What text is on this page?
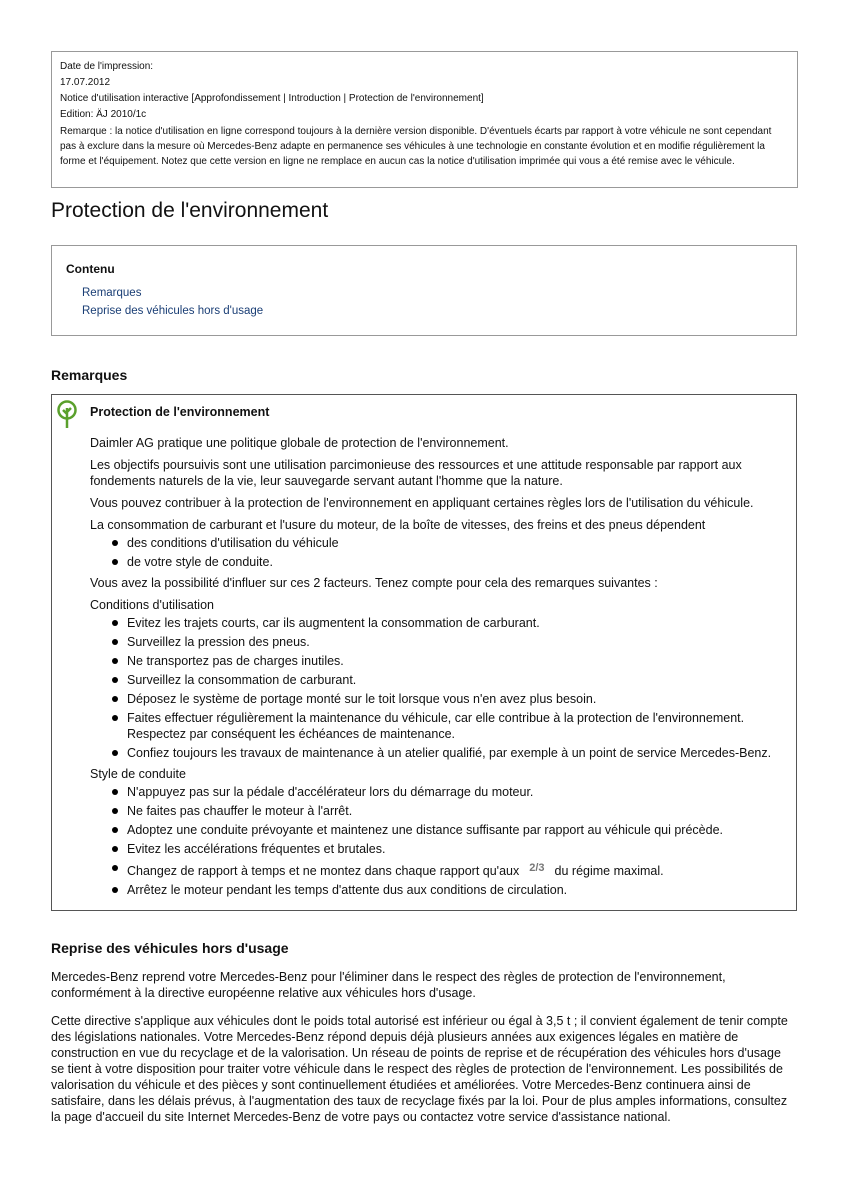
Date de l'impression:
17.07.2012
Notice d'utilisation interactive [Approfondissement | Introduction | Protection de l'environnement]
Edition: ÄJ 2010/1c
Remarque : la notice d'utilisation en ligne correspond toujours à la dernière version disponible. D'éventuels écarts par rapport à votre véhicule ne sont cependant pas à exclure dans la mesure où Mercedes-Benz adapte en permanence ses véhicules à une technologie en constante évolution et en modifie régulièrement la forme et l'équipement. Notez que cette version en ligne ne remplace en aucun cas la notice d'utilisation imprimée qui vous a été remise avec le véhicule.
Protection de l'environnement
Contenu
Remarques
Reprise des véhicules hors d'usage
Remarques
Protection de l'environnement

Daimler AG pratique une politique globale de protection de l'environnement.

Les objectifs poursuivis sont une utilisation parcimonieuse des ressources et une attitude responsable par rapport aux fondements naturels de la vie, leur sauvegarde servant autant l'homme que la nature.

Vous pouvez contribuer à la protection de l'environnement en appliquant certaines règles lors de l'utilisation du véhicule.

La consommation de carburant et l'usure du moteur, de la boîte de vitesses, des freins et des pneus dépendent

des conditions d'utilisation du véhicule
de votre style de conduite.

Vous avez la possibilité d'influer sur ces 2 facteurs. Tenez compte pour cela des remarques suivantes :

Conditions d'utilisation

Evitez les trajets courts, car ils augmentent la consommation de carburant.
Surveillez la pression des pneus.
Ne transportez pas de charges inutiles.
Surveillez la consommation de carburant.
Déposez le système de portage monté sur le toit lorsque vous n'en avez plus besoin.
Faites effectuer régulièrement la maintenance du véhicule, car elle contribue à la protection de l'environnement. Respectez par conséquent les échéances de maintenance.
Confiez toujours les travaux de maintenance à un atelier qualifié, par exemple à un point de service Mercedes-Benz.

Style de conduite

N'appuyez pas sur la pédale d'accélérateur lors du démarrage du moteur.
Ne faites pas chauffer le moteur à l'arrêt.
Adoptez une conduite prévoyante et maintenez une distance suffisante par rapport au véhicule qui précède.
Evitez les accélérations fréquentes et brutales.
Changez de rapport à temps et ne montez dans chaque rapport qu'aux 2/3 du régime maximal.
Arrêtez le moteur pendant les temps d'attente dus aux conditions de circulation.
Reprise des véhicules hors d'usage

Mercedes-Benz reprend votre Mercedes-Benz pour l'éliminer dans le respect des règles de protection de l'environnement, conformément à la directive européenne relative aux véhicules hors d'usage.

Cette directive s'applique aux véhicules dont le poids total autorisé est inférieur ou égal à 3,5 t ; il convient également de tenir compte des législations nationales. Votre Mercedes-Benz répond depuis déjà plusieurs années aux exigences légales en matière de construction en vue du recyclage et de la valorisation. Un réseau de points de reprise et de récupération des véhicules hors d'usage se tient à votre disposition pour traiter votre véhicule dans le respect des règles de protection de l'environnement. Les possibilités de valorisation du véhicule et des pièces y sont continuellement étudiées et améliorées. Votre Mercedes-Benz continuera ainsi de satisfaire, dans les délais prévus, à l'augmentation des taux de recyclage fixés par la loi. Pour de plus amples informations, consultez la page d'accueil du site Internet Mercedes-Benz de votre pays ou contactez votre service d'assistance national.
